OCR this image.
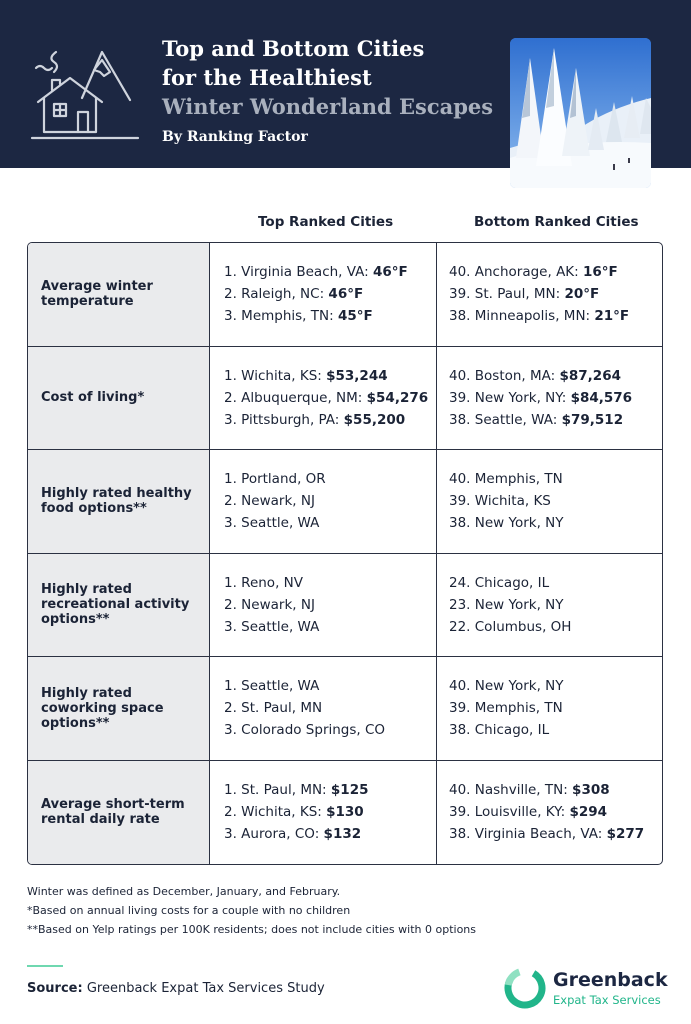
Top and Bottom Cities
for the Healthiest
Winter Wonderland Escapes
By Ranking Factor
Top Ranked Cities	Bottom Ranked Cities
Average winter temperature
1. Virginia Beach, VA: 46°F
2. Raleigh, NC: 46°F
3. Memphis, TN: 45°F
40. Anchorage, AK: 16°F
39. St. Paul, MN: 20°F
38. Minneapolis, MN: 21°F
Cost of living*
1. Wichita, KS: $53,244
2. Albuquerque, NM: $54,276
3. Pittsburgh, PA: $55,200
40. Boston, MA: $87,264
39. New York, NY: $84,576
38. Seattle, WA: $79,512
Highly rated healthy food options**
1. Portland, OR
2. Newark, NJ
3. Seattle, WA
40. Memphis, TN
39. Wichita, KS
38. New York, NY
Highly rated recreational activity options**
1. Reno, NV
2. Newark, NJ
3. Seattle, WA
24. Chicago, IL
23. New York, NY
22. Columbus, OH
Highly rated coworking space options**
1. Seattle, WA
2. St. Paul, MN
3. Colorado Springs, CO
40. New York, NY
39. Memphis, TN
38. Chicago, IL
Average short-term rental daily rate
1. St. Paul, MN: $125
2. Wichita, KS: $130
3. Aurora, CO: $132
40. Nashville, TN: $308
39. Louisville, KY: $294
38. Virginia Beach, VA: $277
Winter was defined as December, January, and February.
*Based on annual living costs for a couple with no children
**Based on Yelp ratings per 100K residents; does not include cities with 0 options
Source: Greenback Expat Tax Services Study	Greenback
Expat Tax Services
